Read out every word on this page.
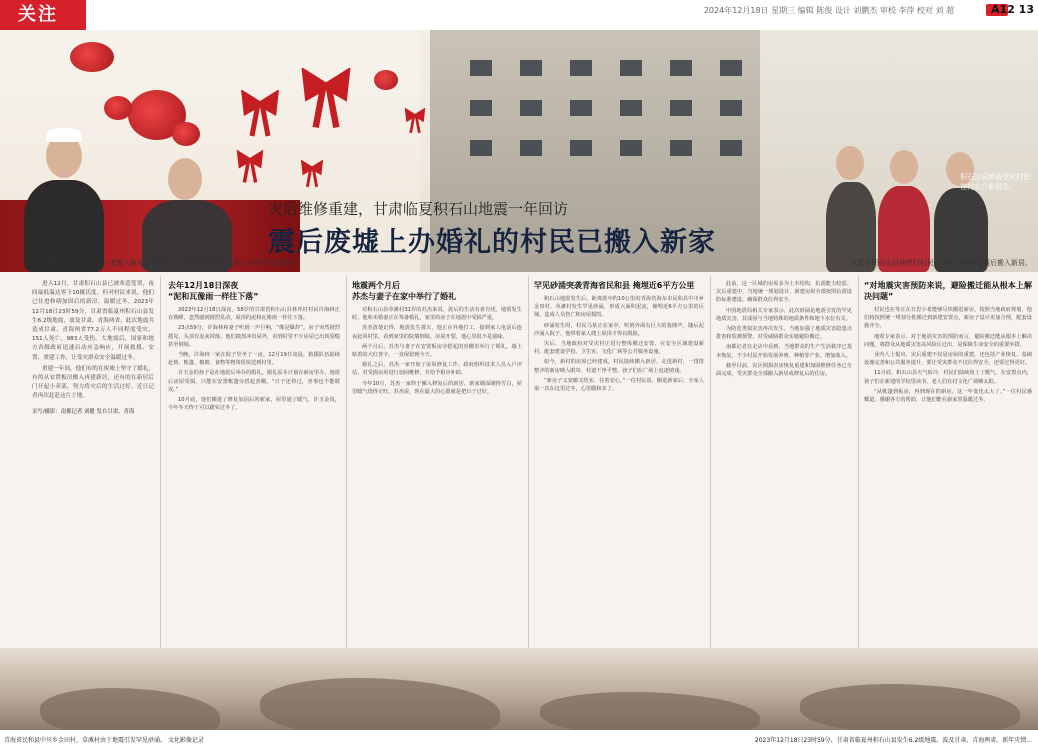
关注	2024年12月18日 星期三 编辑 陈俊 设计 刘鹏杰 审校 李萍 校对 刘 超	A12 13
积石山县地震受灾村民在村头合影留念。
灾后维修重建，甘肃临夏积石山地震一年回访
震后废墟上办婚礼的村民已搬入新家
「今年10月，苏杰(右)一家搬入修复后的新居。/ 苏杰结婚时贴在墙上的喜字仍保留着。	甘肃省积石山县林坪村村民在一起，家中在震后搬入新居。

进入12月，甘肃积石山县已被寒意笼罩，夜间最低温达零下10摄氏度。但对村民来说，他们已住进修缮加固后的新房，温暖过冬。2023年12月18日23时59分，甘肃省临夏州积石山县发生6.2级地震，波及甘肃、青海两省，此次地震共造成甘肃、青海两省77.2万人不同程度受灾，151人死亡，983人受伤。大地震后，国家和地方各级政府迅速启动应急响应，开展救援、安置、重建工作，让受灾群众安全温暖过冬。

重建一年间，他们有的在废墟上坚守了婚礼，有的从安置板房搬入再建新居，还有的在新居后门开起小卖部，努力将灾后的生活过好。近日记者再次赶赴这片土地。

采写/摄影：南都记者 刘健 发自甘肃、青海
去年12月18日深夜
“泥和瓦像雨一样往下落”

2023年12月18日深夜，58岁的甘肃省积石山县林坪村村民许海林正在熟睡，忽然感到剧烈晃动，屋顶的泥和瓦像雨一样往下落。

23点59分，许海林和妻子听到一声巨响，“像是爆炸”。房子突然剧烈摇晃，头顶有泥灰掉落。他们摸黑冲出屋外，看到村里不少房屋已出现裂缝甚至倒塌。

当晚，许海林一家在院子里坐了一夜。12月19日凌晨，救援队伍陆续赶到，帐篷、棉被、食物等物资很快送到村里。

许玉金的孙子是在地震后举办的婚礼。婚礼原本计划在新房里办，地震后房屋受损，只能在安置帐篷旁搭起喜棚。“日子还得过，喜事也不能耽误。”

10月底，他们搬进了修复加固后的新家，屋里通了暖气，许玉金说，今年冬天终于可以踏实过冬了。

地震两个月后
苏杰与妻子在家中举行了婚礼

对积石山县草滩村31岁的苏杰来说，震后的生活有喜有忧。地震发生时，他和未婚妻正在筹备婚礼，家里的房子在地震中受损严重。

苏杰清楚记得，地震发生那天，他正在外地打工，接到家人电话后连夜赶回村里。看到家里的院墙倒塌、房屋开裂，他心里很不是滋味。

两个月后，苏杰与妻子在安置板房旁搭起的喜棚里举行了婚礼。墙上贴着的大红喜字，一直保留到今天。

婚礼之后，苏杰一家开始了房屋修复工作。政府组织技术人员入户评估，对受损房屋进行加固维修，并给予相应补助。

今年10月，苏杰一家终于搬入修复后的新居。新家墙面刷得雪白，屋里暖气烧得正旺。苏杰说，现在最大的心愿就是把日子过好。

罕见砂涌突袭青海省民和县 掩埋近6平方公里

积石山地震发生后，距离震中约10公里的青海省海东市民和县中川乡金田村、草滩村发生罕见砂涌，形成大面积泥流，掩埋近6平方公里的区域，造成人员伤亡和房屋损毁。

砂涌发生时，村民马某正在家中，听到外面有巨大的轰隆声，随后泥沙涌入院子，他带着家人爬上屋顶才得以脱险。

灾后，当地政府对受灾村庄进行整体搬迁安置，在安全区域建设新村，配套建设学校、卫生室、文化广场等公共服务设施。

如今，新村的房屋已经建成，村民陆续搬入新居。走进新村，一排排整齐的新房映入眼帘，村道干净平整，孩子们在广场上追逐嬉戏。

“新房子又宽敞又结实，住着安心。”一位村民说，搬进新家后，全家人第一次在这里过冬，心里暖和多了。

此前，这一区域的房屋多为土木结构，抗震能力较弱。灾后重建中，当地统一规划设计，新建房屋全部按照抗震设防标准建设，确保群众住得安全。

中国地震局相关专家表示，此次砂涌是地震引发的罕见地质灾害，其成因与当地特殊的地质条件和地下水位有关。

为防范类似灾害再次发生，当地加强了地质灾害隐患点排查和监测预警，对受威胁群众实施避险搬迁。

南都记者在走访中看到，当地群众的生产生活秩序已基本恢复，不少村民开始发展养殖、种植等产业，增加收入。

截至目前，灾区倒损农房恢复重建和加固维修任务已全面完成，受灾群众全部搬入新居或修复后的住房。

“对地震灾害预防来说，避险搬迁能从根本上解决问题”

村民也在等正在日思小希能够尽快搬进新房。按照当地政府规划，他们将按照统一规划分批搬迁到新建安置点，新房子设计更加合理，配套设施齐全。

地震专家表示，对于地震灾害的预防而言，避险搬迁能从根本上解决问题，将群众从地质灾害高风险区迁出，是保障生命安全的重要举措。

业内人士提出，灾后重建不仅是房屋的重建，还包括产业恢复、基础设施完善和公共服务提升，要让受灾群众不仅住得安全，还要过得更好。

11月底，积石山县天气转冷，村民们陆续用上了暖气。在安置点内，孩子们在新建的学校里读书，老人们在村文化广场晒太阳。

“从帐篷到板房，再到现在的新房，这一年变化太大了。”一位村民感慨道，感谢各方的帮助，让他们能在新家里温暖过冬。

青海省民和县中川乡金田村，草滩村由于地震引发罕见砂涌。 文化影像记录	2023年12月18日23时59分，甘肃省临夏州积石山县发生6.2级地震，波及甘肃、青海两省。新年灾情...
